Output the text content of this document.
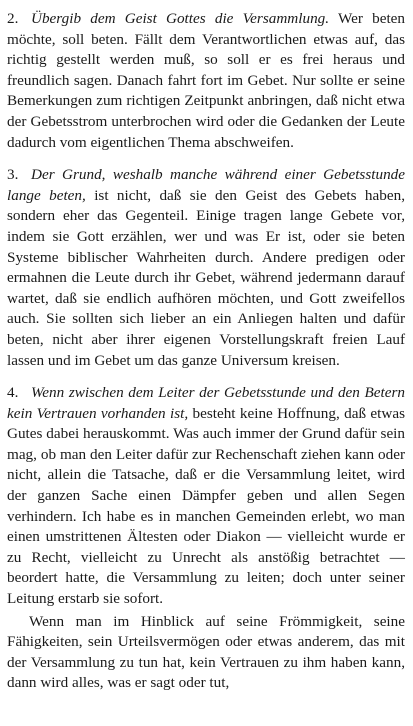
2. Übergib dem Geist Gottes die Versammlung. Wer beten möchte, soll beten. Fällt dem Verantwortlichen etwas auf, das richtig gestellt werden muß, so soll er es frei heraus und freundlich sagen. Danach fahrt fort im Gebet. Nur sollte er seine Bemerkungen zum richtigen Zeitpunkt anbringen, daß nicht etwa der Gebetsstrom unterbrochen wird oder die Gedanken der Leute dadurch vom eigentlichen Thema abschweifen.

3. Der Grund, weshalb manche während einer Gebetsstunde lange beten, ist nicht, daß sie den Geist des Gebets haben, sondern eher das Gegenteil. Einige tragen lange Gebete vor, indem sie Gott erzählen, wer und was Er ist, oder sie beten Systeme biblischer Wahrheiten durch. Andere predigen oder ermahnen die Leute durch ihr Gebet, während jedermann darauf wartet, daß sie endlich aufhören möchten, und Gott zweifellos auch. Sie sollten sich lieber an ein Anliegen halten und dafür beten, nicht aber ihrer eigenen Vorstellungskraft freien Lauf lassen und im Gebet um das ganze Universum kreisen.

4. Wenn zwischen dem Leiter der Gebetsstunde und den Betern kein Vertrauen vorhanden ist, besteht keine Hoffnung, daß etwas Gutes dabei herauskommt. Was auch immer der Grund dafür sein mag, ob man den Leiter dafür zur Rechenschaft ziehen kann oder nicht, allein die Tatsache, daß er die Versammlung leitet, wird der ganzen Sache einen Dämpfer geben und allen Segen verhindern. Ich habe es in manchen Gemeinden erlebt, wo man einen umstrittenen Ältesten oder Diakon — vielleicht wurde er zu Recht, vielleicht zu Unrecht als anstößig betrachtet — beordert hatte, die Versammlung zu leiten; doch unter seiner Leitung erstarb sie sofort.

Wenn man im Hinblick auf seine Frömmigkeit, seine Fähigkeiten, sein Urteilsvermögen oder etwas anderem, das mit der Versammlung zu tun hat, kein Vertrauen zu ihm haben kann, dann wird alles, was er sagt oder tut,
